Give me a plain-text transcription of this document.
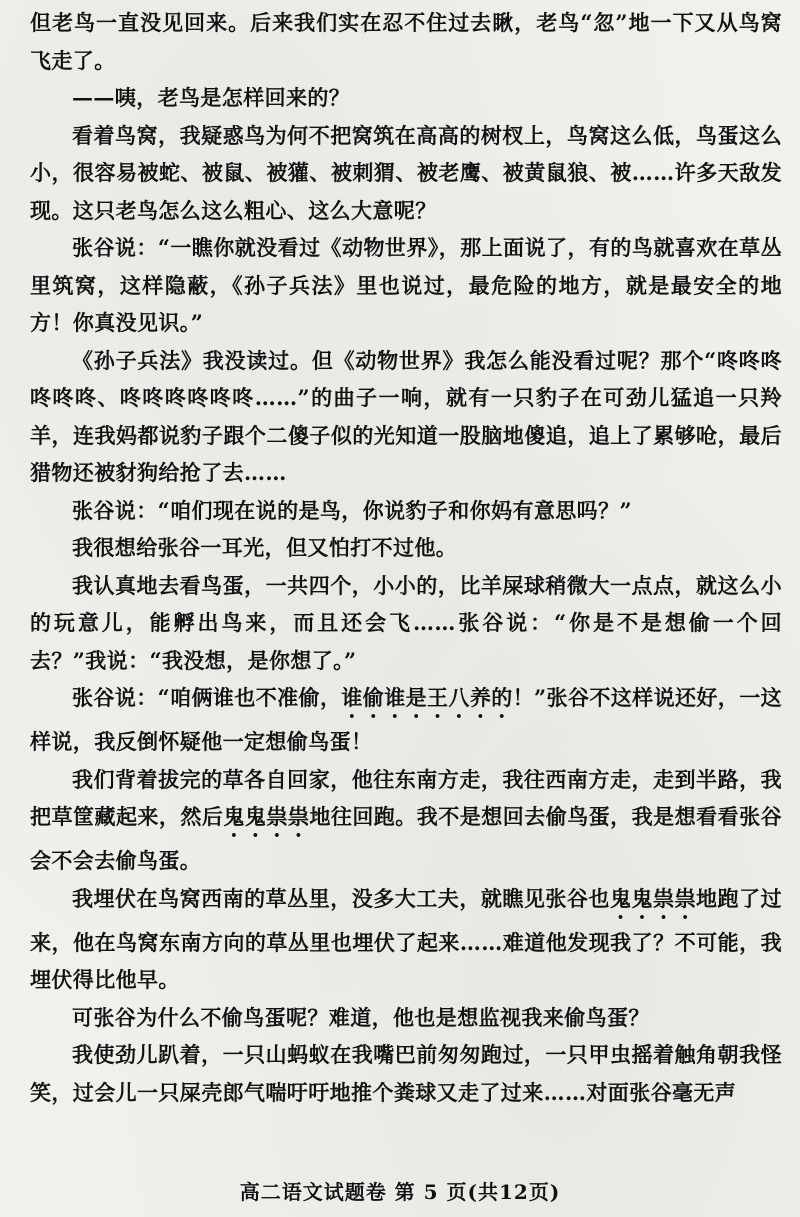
但老鸟一直没见回来。后来我们实在忍不住过去瞅，老鸟“忽”地一下又从鸟窝飞走了。

——咦，老鸟是怎样回来的？

看着鸟窝，我疑惑鸟为何不把窝筑在高高的树杈上，鸟窝这么低，鸟蛋这么小，很容易被蛇、被鼠、被獾、被刺猬、被老鹰、被黄鼠狼、被……许多天敌发现。这只老鸟怎么这么粗心、这么大意呢？

张谷说：“一瞧你就没看过《动物世界》，那上面说了，有的鸟就喜欢在草丛里筑窝，这样隐蔽，《孙子兵法》里也说过，最危险的地方，就是最安全的地方！你真没见识。”

《孙子兵法》我没读过。但《动物世界》我怎么能没看过呢？那个“咚咚咚咚咚咚、咚咚咚咚咚咚……”的曲子一响，就有一只豹子在可劲儿猛追一只羚羊，连我妈都说豹子跟个二傻子似的光知道一股脑地傻追，追上了累够呛，最后猎物还被豺狗给抢了去……

张谷说：“咱们现在说的是鸟，你说豹子和你妈有意思吗？”

我很想给张谷一耳光，但又怕打不过他。

我认真地去看鸟蛋，一共四个，小小的，比羊屎球稍微大一点点，就这么小的玩意儿，能孵出鸟来，而且还会飞……张谷说：“你是不是想偷一个回去？”我说：“我没想，是你想了。”

张谷说：“咱俩谁也不准偷，谁偷谁是王八养的！”张谷不这样说还好，一这样说，我反倒怀疑他一定想偷鸟蛋！

我们背着拔完的草各自回家，他往东南方走，我往西南方走，走到半路，我把草筐藏起来，然后鬼鬼祟祟地往回跑。我不是想回去偷鸟蛋，我是想看看张谷会不会去偷鸟蛋。

我埋伏在鸟窝西南的草丛里，没多大工夫，就瞧见张谷也鬼鬼祟祟地跑了过来，他在鸟窝东南方向的草丛里也埋伏了起来……难道他发现我了？不可能，我埋伏得比他早。

可张谷为什么不偷鸟蛋呢？难道，他也是想监视我来偷鸟蛋？

我使劲儿趴着，一只山蚂蚁在我嘴巴前匆匆跑过，一只甲虫摇着触角朝我怪笑，过会儿一只屎壳郎气喘吁吁地推个粪球又走了过来……对面张谷毫无声

高二语文试题卷 第 5 页(共12页)
